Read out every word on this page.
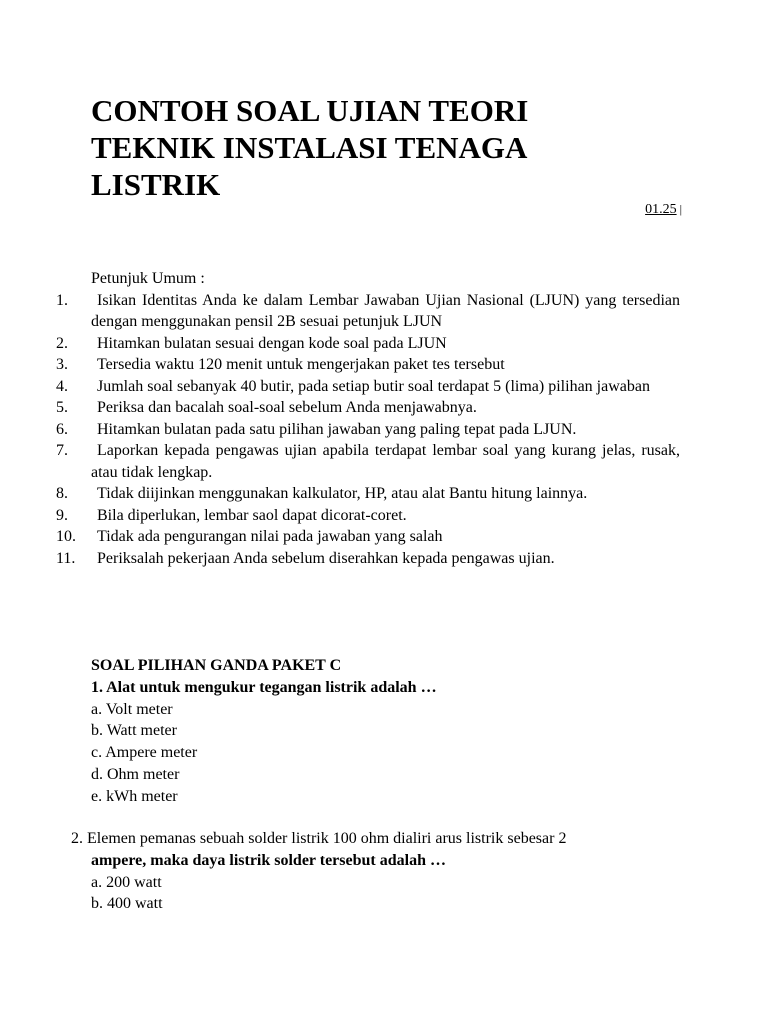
CONTOH SOAL UJIAN TEORI
TEKNIK INSTALASI TENAGA
LISTRIK
01.25 |

Petunjuk Umum :

1.	Isikan Identitas Anda ke dalam Lembar Jawaban Ujian Nasional (LJUN) yang tersedian dengan menggunakan pensil 2B sesuai petunjuk LJUN
2.	Hitamkan bulatan sesuai dengan kode soal pada LJUN
3.	Tersedia waktu 120 menit untuk mengerjakan paket tes tersebut
4.	Jumlah soal sebanyak 40 butir, pada setiap butir soal terdapat 5 (lima) pilihan jawaban
5.	Periksa dan bacalah soal-soal sebelum Anda menjawabnya.
6.	Hitamkan bulatan pada satu pilihan jawaban yang paling tepat pada LJUN.
7.	Laporkan kepada pengawas ujian apabila terdapat lembar soal yang kurang jelas, rusak, atau tidak lengkap.
8.	Tidak diijinkan menggunakan kalkulator, HP, atau alat Bantu hitung lainnya.
9.	Bila diperlukan, lembar saol dapat dicorat-coret.
10.	Tidak ada pengurangan nilai pada jawaban yang salah
11.	Periksalah pekerjaan Anda sebelum diserahkan kepada pengawas ujian.

SOAL PILIHAN GANDA PAKET C

1. Alat untuk mengukur tegangan listrik adalah …

a. Volt meter

b. Watt meter

c. Ampere meter

d. Ohm meter

e. kWh meter

2. Elemen pemanas sebuah solder listrik 100 ohm dialiri arus listrik sebesar 2

ampere, maka daya listrik solder tersebut adalah …

a. 200 watt

b. 400 watt
